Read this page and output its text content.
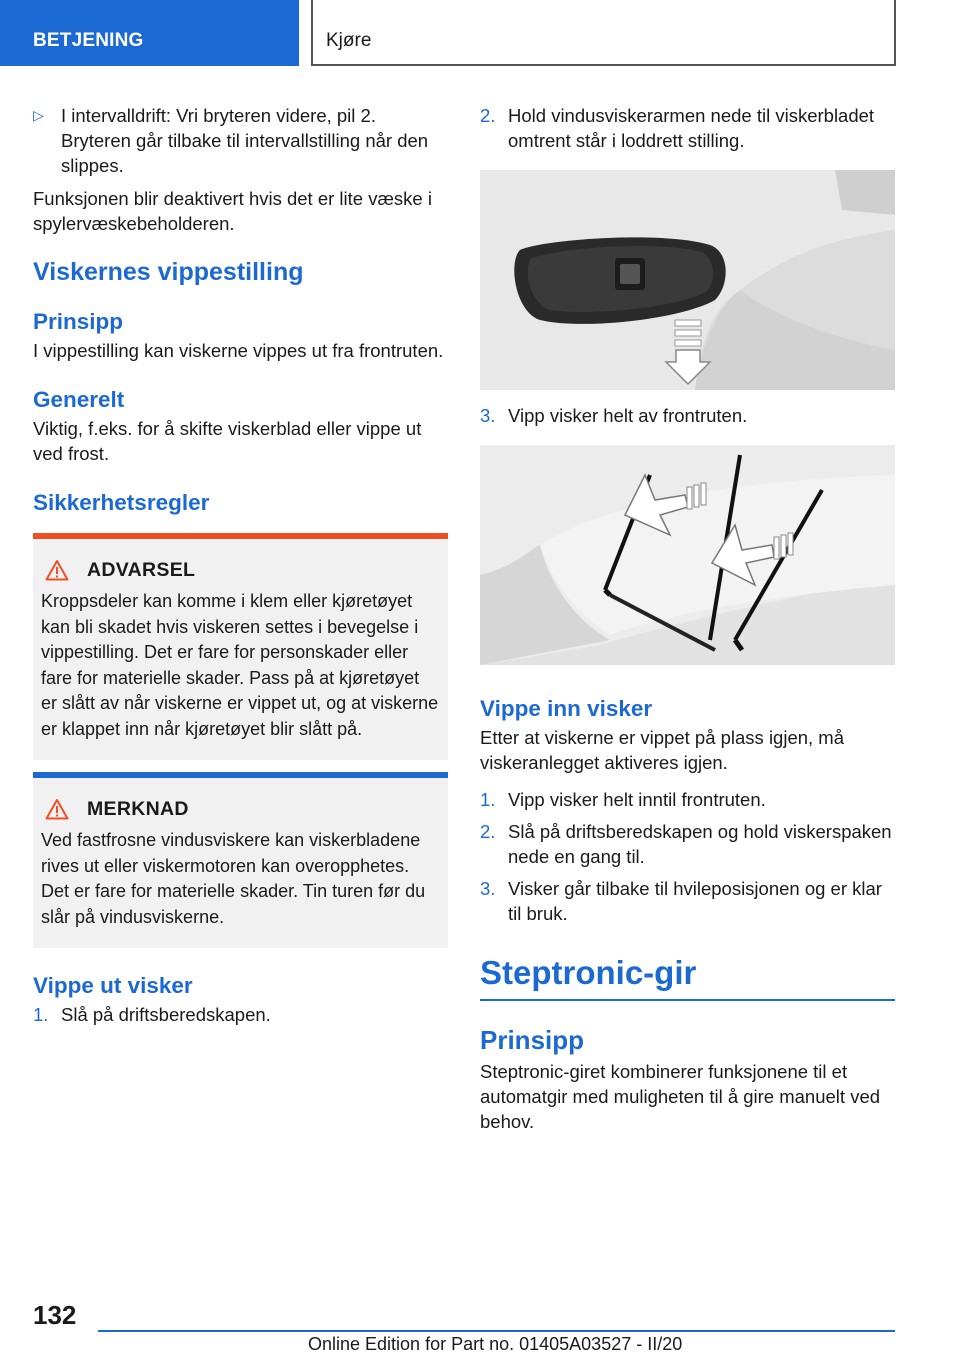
BETJENING	Kjøre
▷ I intervalldrift: Vri bryteren videre, pil 2. Bryteren går tilbake til intervallstilling når den slippes.

Funksjonen blir deaktivert hvis det er lite væske i spylervæskebeholderen.

Viskernes vippestilling
Prinsipp

I vippestilling kan viskerne vippes ut fra frontruten.

Generelt

Viktig, f.eks. for å skifte viskerblad eller vippe ut ved frost.

Sikkerhetsregler
ADVARSEL

Kroppsdeler kan komme i klem eller kjøretøyet kan bli skadet hvis viskeren settes i bevegelse i vippestilling. Det er fare for personskader eller fare for materielle skader. Pass på at kjøretøyet er slått av når viskerne er vippet ut, og at viskerne er klappet inn når kjøretøyet blir slått på.

MERKNAD

Ved fastfrosne vindusviskere kan viskerbladene rives ut eller viskermotoren kan overopphetes. Det er fare for materielle skader. Tin turen før du slår på vindusviskerne.

Vippe ut visker
1. Slå på driftsberedskapen.
2. Hold vindusviskerarmen nede til viskerbladet omtrent står i loddrett stilling.
3. Vipp visker helt av frontruten.
Vippe inn visker

Etter at viskerne er vippet på plass igjen, må viskeranlegget aktiveres igjen.

1. Vipp visker helt inntil frontruten.
2. Slå på driftsberedskapen og hold viskerspaken nede en gang til.
3. Visker går tilbake til hvileposisjonen og er klar til bruk.
Steptronic-gir
Prinsipp

Steptronic-giret kombinerer funksjonene til et automatgir med muligheten til å gire manuelt ved behov.

132
Online Edition for Part no. 01405A03527 - II/20
